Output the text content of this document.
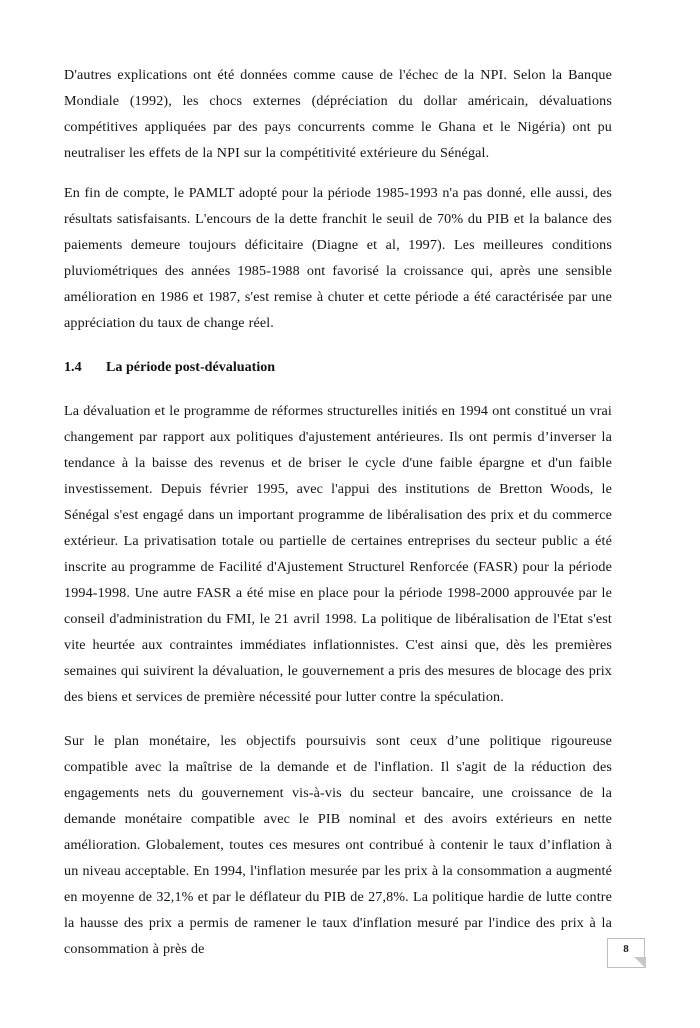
D'autres explications ont été données comme cause de l'échec de la NPI. Selon la Banque Mondiale (1992), les chocs externes (dépréciation du dollar américain, dévaluations compétitives appliquées par des pays concurrents comme le Ghana et le Nigéria) ont pu neutraliser les effets de la NPI sur la compétitivité extérieure du Sénégal.

En fin de compte, le PAMLT adopté pour la période 1985-1993 n'a pas donné, elle aussi, des résultats satisfaisants. L'encours de la dette franchit le seuil de 70% du PIB et la balance des paiements demeure toujours déficitaire (Diagne et al, 1997). Les meilleures conditions pluviométriques des années 1985-1988 ont favorisé la croissance qui, après une sensible amélioration en 1986 et 1987, s'est remise à chuter et cette période a été caractérisée par une appréciation du taux de change réel.

1.4	La période post-dévaluation

La dévaluation et le programme de réformes structurelles initiés en 1994 ont constitué un vrai changement par rapport aux politiques d'ajustement antérieures. Ils ont permis d’inverser la tendance à la baisse des revenus et de briser le cycle d'une faible épargne et d'un faible investissement. Depuis février 1995, avec l'appui des institutions de Bretton Woods, le Sénégal s'est engagé dans un important programme de libéralisation des prix et du commerce extérieur. La privatisation totale ou partielle de certaines entreprises du secteur public a été inscrite au programme de Facilité d'Ajustement Structurel Renforcée (FASR) pour la période 1994-1998. Une autre FASR a été mise en place pour la période 1998-2000 approuvée par le conseil d'administration du FMI, le 21 avril 1998. La politique de libéralisation de l'Etat s'est vite heurtée aux contraintes immédiates inflationnistes. C'est ainsi que, dès les premières semaines qui suivirent la dévaluation, le gouvernement a pris des mesures de blocage des prix des biens et services de première nécessité pour lutter contre la spéculation.

Sur le plan monétaire, les objectifs poursuivis sont ceux d’une politique rigoureuse compatible avec la maîtrise de la demande et de l'inflation. Il s'agit de la réduction des engagements nets du gouvernement vis-à-vis du secteur bancaire, une croissance de la demande monétaire compatible avec le PIB nominal et des avoirs extérieurs en nette amélioration. Globalement, toutes ces mesures ont contribué à contenir le taux d’inflation à un niveau acceptable. En 1994, l'inflation mesurée par les prix à la consommation a augmenté en moyenne de 32,1% et par le déflateur du PIB de 27,8%. La politique hardie de lutte contre la hausse des prix a permis de ramener le taux d'inflation mesuré par l'indice des prix à la consommation à près de	8
